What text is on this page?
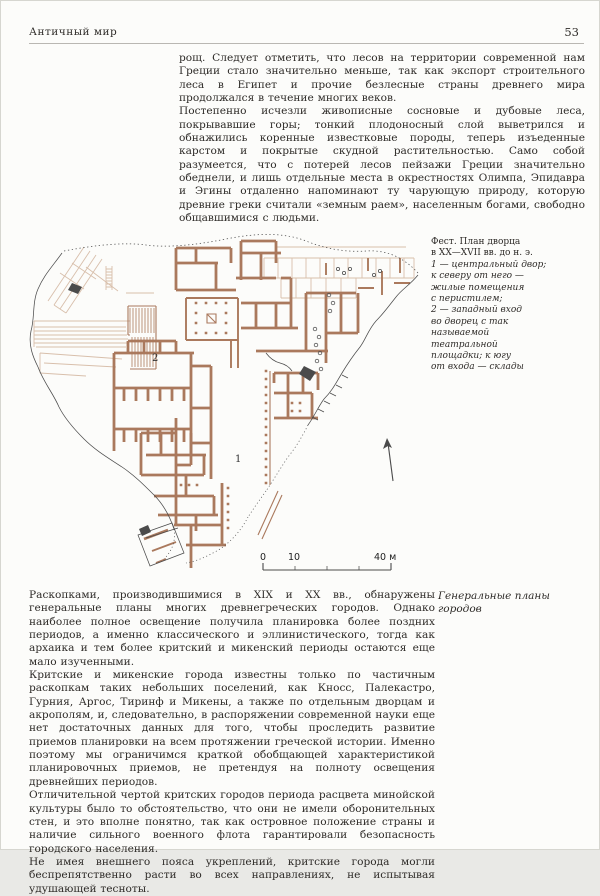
Античный мир	53

рощ. Следует отметить, что лесов на территории современной нам Греции стало значительно меньше, так как экспорт строительного леса в Египет и прочие безлесные страны древнего мира продолжался в течение многих веков.

Постепенно исчезли живописные сосновые и дубовые леса, покрывавшие горы; тонкий плодоносный слой выветрился и обнажились коренные известковые породы, теперь изъеденные карстом и покрытые скудной растительностью. Само собой разумеется, что с потерей лесов пейзажи Греции значительно обеднели, и лишь отдельные места в окрестностях Олимпа, Эпидавра и Эгины отдаленно напоминают ту чарующую природу, которую древние греки считали «земным раем», населенным богами, свободно общавшимися с людьми.

0 10	40 м
1
2
Фест. План дворца
в XX—XVII вв. до н. э.
1 — центральный двор;
к северу от него —
жилые помещения
с перистилем;
2 — западный вход
во дворец с так
называемой
театральной
площадки; к югу
от входа — склады

Раскопками, производившимися в XIX и XX вв., обнаружены генеральные планы многих древнегреческих городов. Однако наиболее полное освещение получила планировка более поздних периодов, а именно классического и эллинистического, тогда как архаика и тем более критский и микенский периоды остаются еще мало изученными.

Критские и микенские города известны только по частичным раскопкам таких небольших поселений, как Кносс, Палекастро, Гурния, Аргос, Тиринф и Микены, а также по отдельным дворцам и акрополям, и, следовательно, в распоряжении современной науки еще нет достаточных данных для того, чтобы проследить развитие приемов планировки на всем протяжении греческой истории. Именно поэтому мы ограничимся краткой обобщающей характеристикой планировочных приемов, не претендуя на полноту освещения древнейших периодов.

Отличительной чертой критских городов периода расцвета минойской культуры было то обстоятельство, что они не имели оборонительных стен, и это вполне понятно, так как островное положение страны и наличие сильного военного флота гарантировали безопасность городского населения.

Не имея внешнего пояса укреплений, критские города могли беспрепятственно расти во всех направлениях, не испытывая удушающей тесноты.

Генеральные планы
городов
